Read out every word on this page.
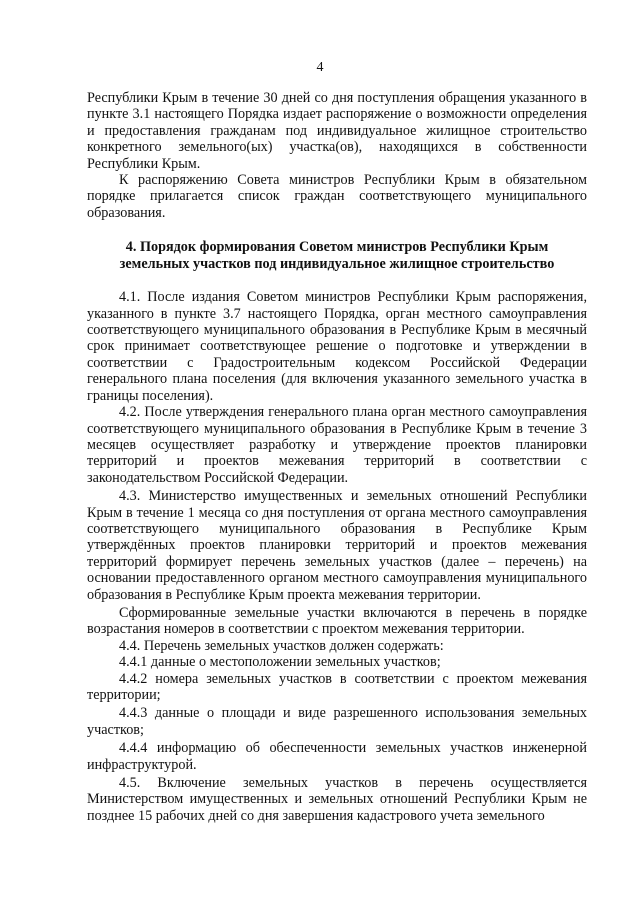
4

Республики Крым в течение 30 дней со дня поступления обращения указанного в пункте 3.1 настоящего Порядка издает распоряжение о возможности определения и предоставления гражданам под индивидуальное жилищное строительство конкретного земельного(ых) участка(ов), находящихся в собственности Республики Крым.

К распоряжению Совета министров Республики Крым в обязательном порядке прилагается список граждан соответствующего муниципального образования.

4. Порядок формирования Советом министров Республики Крым
земельных участков под индивидуальное жилищное строительство

4.1. После издания Советом министров Республики Крым распоряжения, указанного в пункте 3.7 настоящего Порядка, орган местного самоуправления соответствующего муниципального образования в Республике Крым в месячный срок принимает соответствующее решение о подготовке и утверждении в соответствии с Градостроительным кодексом Российской Федерации генерального плана поселения (для включения указанного земельного участка в границы поселения).

4.2. После утверждения генерального плана орган местного самоуправления соответствующего муниципального образования в Республике Крым в течение 3 месяцев осуществляет разработку и утверждение проектов планировки территорий и проектов межевания территорий в соответствии с законодательством Российской Федерации.

4.3. Министерство имущественных и земельных отношений Республики Крым в течение 1 месяца со дня поступления от органа местного самоуправления соответствующего муниципального образования в Республике Крым утверждённых проектов планировки территорий и проектов межевания территорий формирует перечень земельных участков (далее – перечень) на основании предоставленного органом местного самоуправления муниципального образования в Республике Крым проекта межевания территории.

Сформированные земельные участки включаются в перечень в порядке возрастания номеров в соответствии с проектом межевания территории.

4.4. Перечень земельных участков должен содержать:

4.4.1 данные о местоположении земельных участков;

4.4.2 номера земельных участков в соответствии с проектом межевания территории;

4.4.3 данные о площади и виде разрешенного использования земельных участков;

4.4.4 информацию об обеспеченности земельных участков инженерной инфраструктурой.

4.5. Включение земельных участков в перечень осуществляется Министерством имущественных и земельных отношений Республики Крым не позднее 15 рабочих дней со дня завершения кадастрового учета земельного
